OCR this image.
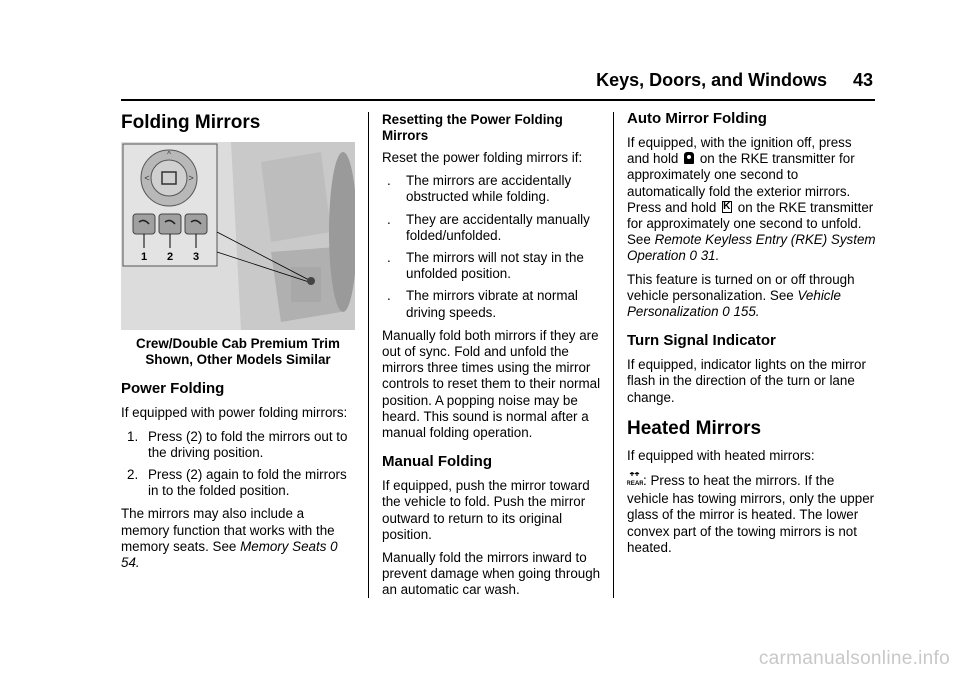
Keys, Doors, and Windows 43
Folding Mirrors
^
<	>
1 2 3
Crew/Double Cab Premium Trim Shown, Other Models Similar
Power Folding

If equipped with power folding mirrors:

1. Press (2) to fold the mirrors out to the driving position.
2. Press (2) again to fold the mirrors in to the folded position.

The mirrors may also include a memory function that works with the memory seats. See Memory Seats 0 54.

Resetting the Power Folding Mirrors

Reset the power folding mirrors if:

. The mirrors are accidentally obstructed while folding.
. They are accidentally manually folded/unfolded.
. The mirrors will not stay in the unfolded position.
. The mirrors vibrate at normal driving speeds.

Manually fold both mirrors if they are out of sync. Fold and unfold the mirrors three times using the mirror controls to reset them to their normal position. A popping noise may be heard. This sound is normal after a manual folding operation.

Manual Folding

If equipped, push the mirror toward the vehicle to fold. Push the mirror outward to return to its original position.

Manually fold the mirrors inward to prevent damage when going through an automatic car wash.

Auto Mirror Folding

If equipped, with the ignition off, press and hold on the RKE transmitter for approximately one second to automatically fold the exterior mirrors. Press and hold K on the RKE transmitter for approximately one second to unfold. See Remote Keyless Entry (RKE) System Operation 0 31.

This feature is turned on or off through vehicle personalization. See Vehicle Personalization 0 155.

Turn Signal Indicator

If equipped, indicator lights on the mirror flash in the direction of the turn or lane change.

Heated Mirrors

If equipped with heated mirrors:

REAR : Press to heat the mirrors. If the vehicle has towing mirrors, only the upper glass of the mirror is heated. The lower convex part of the towing mirrors is not heated.

carmanualsonline.info
